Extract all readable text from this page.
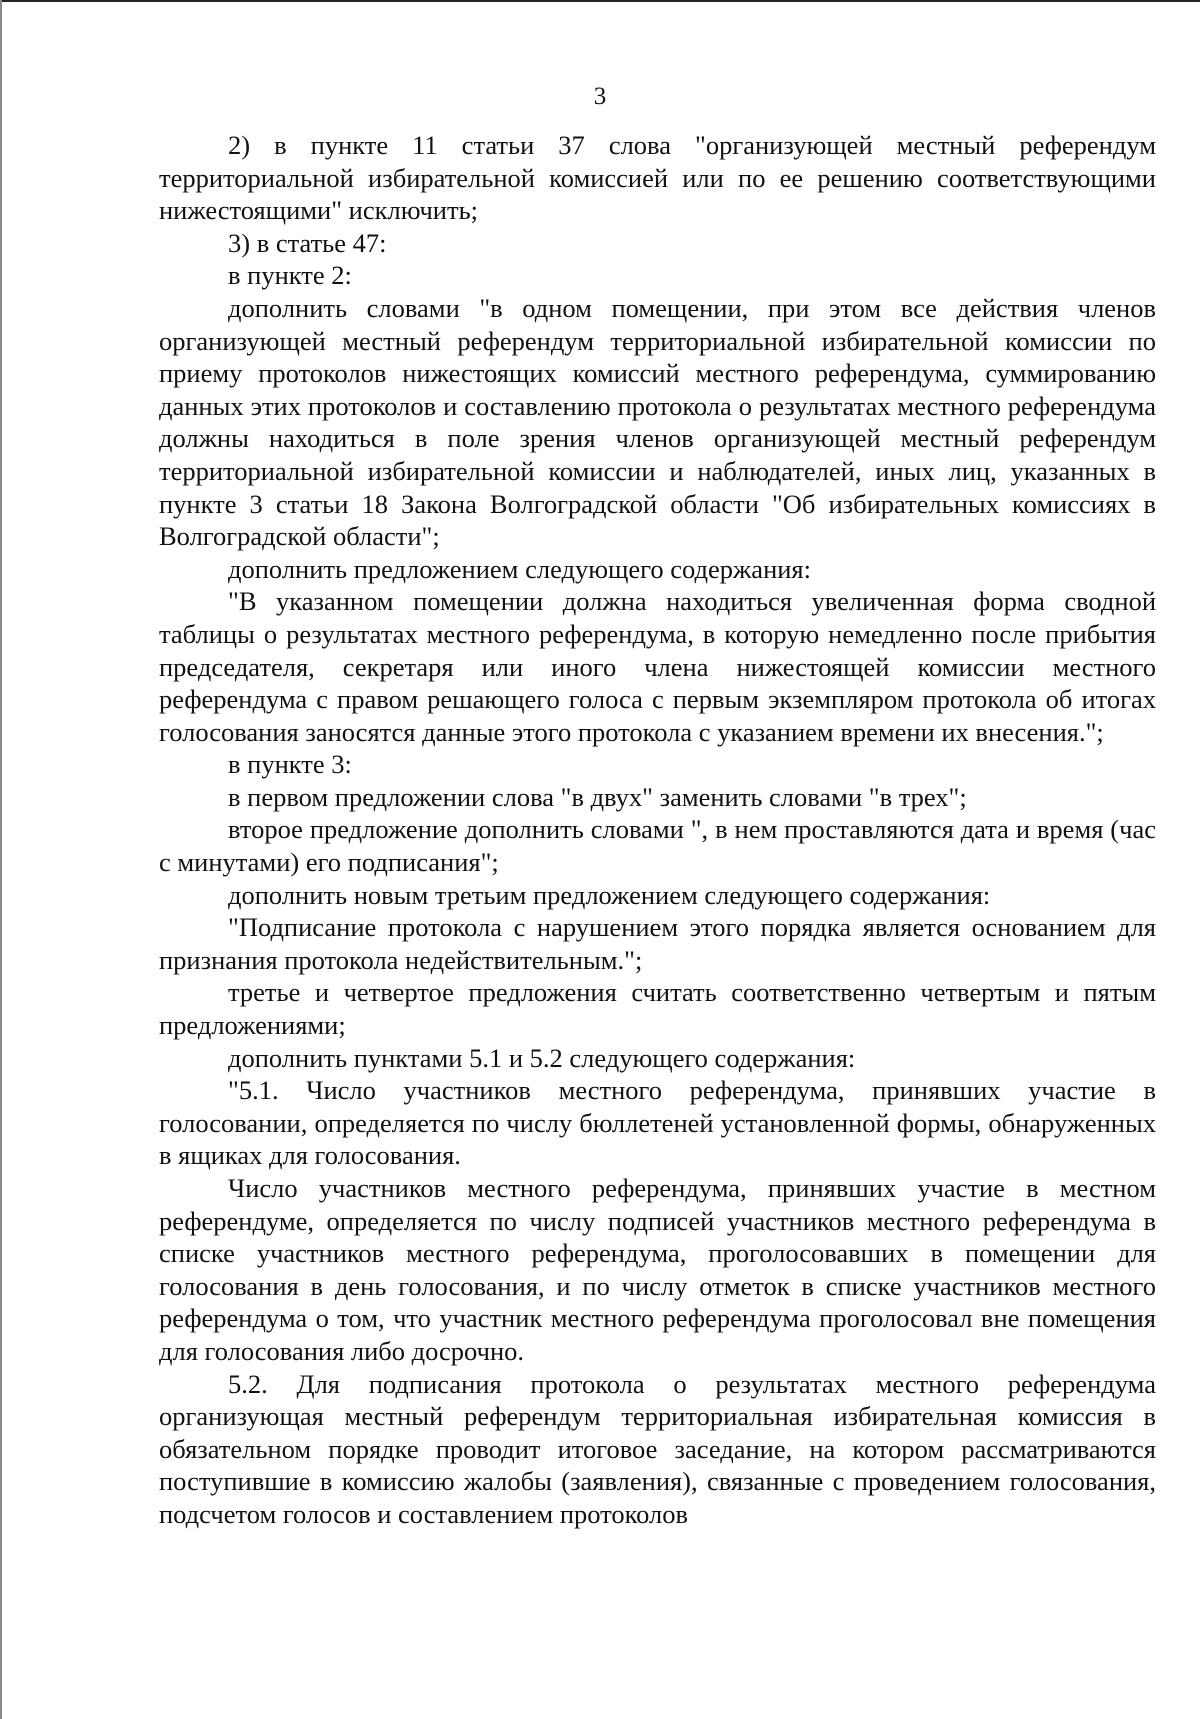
3

2) в пункте 11 статьи 37 слова "организующей местный референдум территориальной избирательной комиссией или по ее решению соответствующими нижестоящими" исключить;

3) в статье 47:

в пункте 2:

дополнить словами "в одном помещении, при этом все действия членов организующей местный референдум территориальной избирательной комиссии по приему протоколов нижестоящих комиссий местного референдума, суммированию данных этих протоколов и составлению протокола о результатах местного референдума должны находиться в поле зрения членов организующей местный референдум территориальной избирательной комиссии и наблюдателей, иных лиц, указанных в пункте 3 статьи 18 Закона Волгоградской области "Об избирательных комиссиях в Волгоградской области";

дополнить предложением следующего содержания:

"В указанном помещении должна находиться увеличенная форма сводной таблицы о результатах местного референдума, в которую немедленно после прибытия председателя, секретаря или иного члена нижестоящей комиссии местного референдума с правом решающего голоса с первым экземпляром протокола об итогах голосования заносятся данные этого протокола с указанием времени их внесения.";

в пункте 3:

в первом предложении слова "в двух" заменить словами "в трех";

второе предложение дополнить словами ", в нем проставляются дата и время (час с минутами) его подписания";

дополнить новым третьим предложением следующего содержания:

"Подписание протокола с нарушением этого порядка является основанием для признания протокола недействительным.";

третье и четвертое предложения считать соответственно четвертым и пятым предложениями;

дополнить пунктами 5.1 и 5.2 следующего содержания:

"5.1. Число участников местного референдума, принявших участие в голосовании, определяется по числу бюллетеней установленной формы, обнаруженных в ящиках для голосования.

Число участников местного референдума, принявших участие в местном референдуме, определяется по числу подписей участников местного референдума в списке участников местного референдума, проголосовавших в помещении для голосования в день голосования, и по числу отметок в списке участников местного референдума о том, что участник местного референдума проголосовал вне помещения для голосования либо досрочно.

5.2. Для подписания протокола о результатах местного референдума организующая местный референдум территориальная избирательная комиссия в обязательном порядке проводит итоговое заседание, на котором рассматриваются поступившие в комиссию жалобы (заявления), связанные с проведением голосования, подсчетом голосов и составлением протоколов
